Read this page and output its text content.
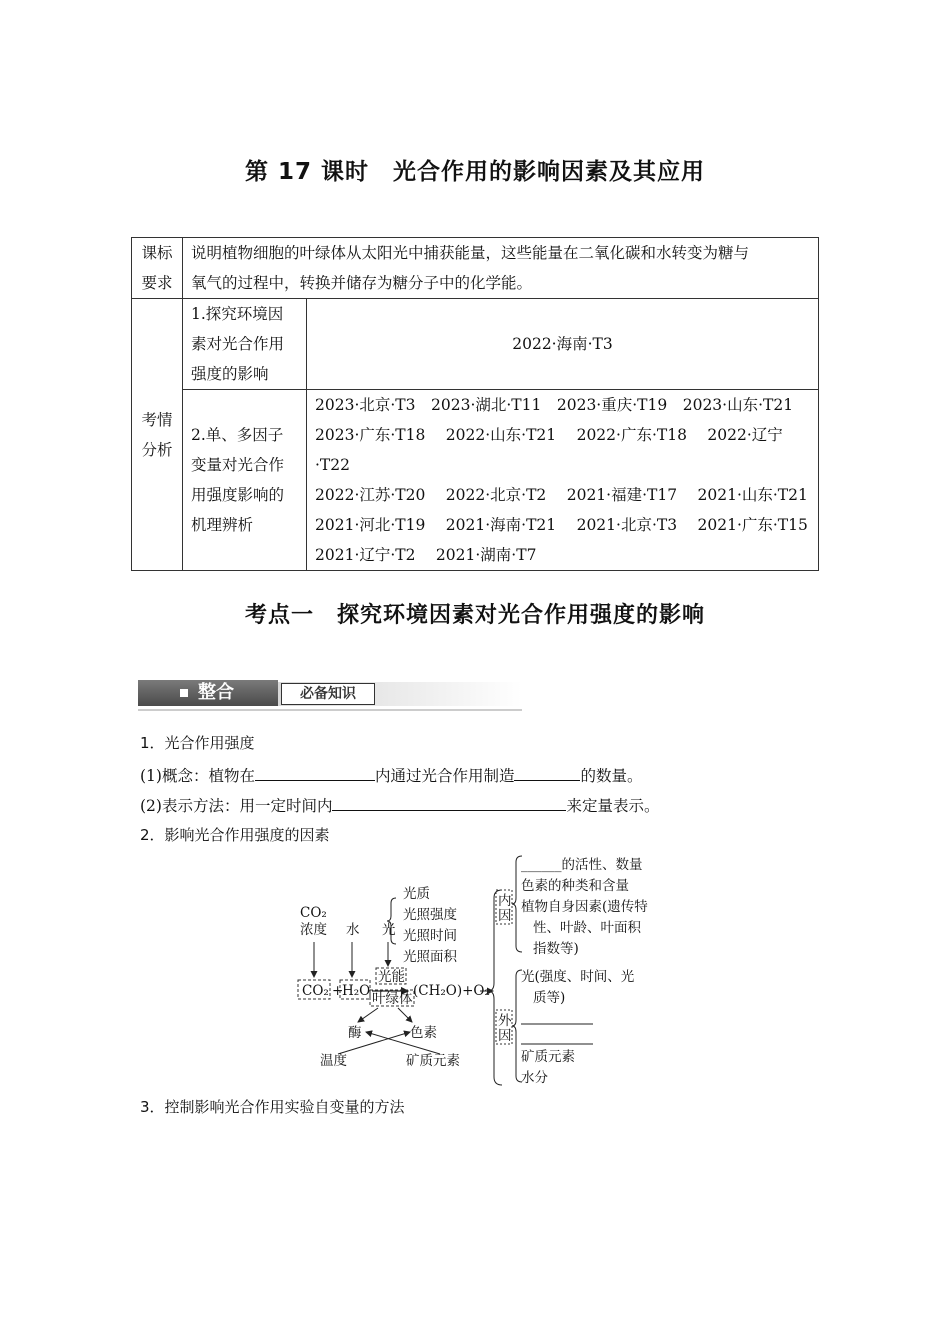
第 17 课时　光合作用的影响因素及其应用
课标要求	说明植物细胞的叶绿体从太阳光中捕获能量，这些能量在二氧化碳和水转变为糖与
氧气的过程中，转换并储存为糖分子中的化学能。	

考情分析	1.探究环境因素对光合作用强度的影响	2022·海南·T3
	2.单、多因子变量对光合作用强度影响的机理辨析	2023·北京·T3　2023·湖北·T11　2023·重庆·T19　2023·山东·T21
2023·广东·T18　 2022·山东·T21　 2022·广东·T18　 2022·辽宁·T22
2022·江苏·T20　 2022·北京·T2　 2021·福建·T17　 2021·山东·T21
2021·河北·T19　 2021·海南·T21　 2021·北京·T3　 2021·广东·T15
2021·辽宁·T2　 2021·湖南·T7
考点一　探究环境因素对光合作用强度的影响
整合	必备知识
1．光合作用强度
(1)概念：植物在	内通过光合作用制造	的数量。
(2)表示方法：用一定时间内	来定量表示。
2．影响光合作用强度的因素
CO₂
浓度 水 光
光质
光照强度
光照时间
光照面积
CO₂ +
H₂O
光能
叶绿体 (CH₂O)+O₂
酶	色素
温度	矿质元素
内
因
______的活性、数量
色素的种类和含量
植物自身因素(遗传特
性、叶龄、叶面积
指数等)
外
因
光(强度、时间、光
质等)
矿质元素
水分
3．控制影响光合作用实验自变量的方法
